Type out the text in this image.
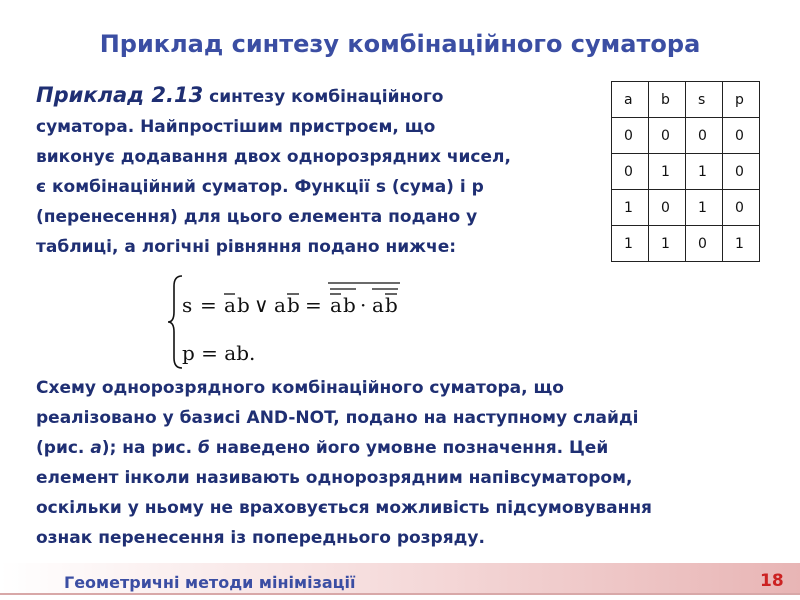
Приклад синтезу комбінаційного суматора
Приклад 2.13 синтезу комбінаційного
суматора. Найпростішим пристроєм, що
виконує додавання двох однорозрядних чисел,
є комбінаційний суматор. Функції s (сума) і p
(перенесення) для цього елемента подано у
таблиці, а логічні рівняння подано нижче:
a	b	s	p
0	0	0	0
0	1	1	0
1	0	1	0
1	1	0	1
s = a b ∨ a b = a b · a b
p = ab.
Схему однорозрядного комбінаційного суматора, що
реалізовано у базисі AND-NOT, подано на наступному слайді
(рис. а); на рис. б наведено його умовне позначення. Цей
елемент інколи називають однорозрядним напівсуматором,
оскільки у ньому не враховується можливість підсумовування
ознак перенесення із попереднього розряду.
Геометричні методи мінімізації	18
